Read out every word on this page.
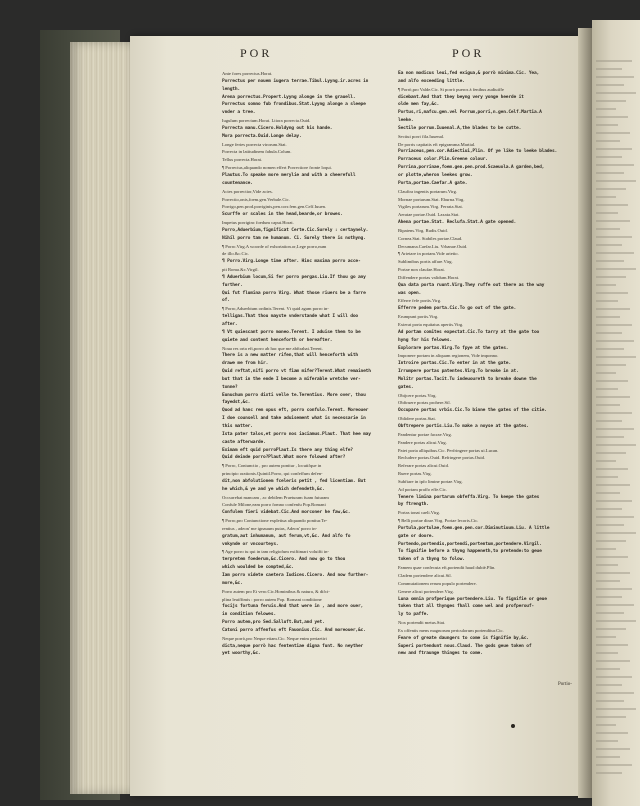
POR	POR

Ante fores porrectus.Horat.

Porrectus per nouem iugera terrae.Tibul.Lyyng.ir.acres in

length.

Arena porrectus.Propert.Lyyng alonge in the grauell.

Porrectus somno fub frondibus.Stat.Lyyng alonge a sleepe

vnder a tree.

Iugulum porrectum.Horat. Litora porrecta.Ouid.

Porrecta manu.Cicero.Holdyng out his hande.

Mora porrecta.Ouid.Longe delay.

Longe feries porrecta virorum.Stat.

Porrecta in latitudinem fabula.Colum.

Tellus porrecta.Horat.

¶ Porrectus,aliquando nomen effert Porrectiore fronte loqui.

Plautus.To speake more merylie and with a cheerefull

countenance.

Acies porrectior,Vide acies.

Porrectio,onis,foem.gen.Verbale.Cic.

Porrigo,pen.prod.porriginis,pen.corr.fem.gen.Celf.Iuuen.

Scurffe or scales in the head,bearde,or browes.

Impetus porriginc foedum caput.Horat.

Porro,Aduerbium,fignificat Certe.Cic.Surely : certaynely.

Nihil porro tam ne humanum. Ci. Surely there is nothyng.

¶ Porro.Virg.A woorde of exhortation.or,Lege porro,num

de illo.&c.Cic.

¶ Porro.Virg.Longe time after. Hinc maxima porro acce-

pit Roma.&c.Virgil.

¶ Aduerbium locum,Si fer porro pergas.Liu.If thou go any

further.

Qui fut flumina porro Virg. What those riuers be a farre

of.

¶ Porro,Aduerbium ordinis.Terent. Vt quid agam porro in-

telligas.That thou mayste vnderstande what I will doo

after.

¶ Vt quiescant porro moneo.Terent. I aduise them to be

quiete and content henceforth or hereafter.

Noua res orta eft,porro ab hac que me abftrahat.Terent.

There is a new matter rifen,that will henceforth with

drawe me from hir.

Quid reftat,nifi porro vt fiam mifer?Terent.What remaineth

but that in the ende I become a miferable wretche ver-

tonne?

Eunuchum porro dixti velle te.Terentius. More over, thou

fayedst,&c.

Quod ad hanc rem opus eft, porro confulo.Terent. Moreouer

I doe counsell and take aduisement what is necessarie in

this matter.

Ista pater talos,et porro nos iaciamus.Plaut. That hee may

caste afterwarde.

Eximam eft quid porroPlaut.Is there any thing elfe?

Quid deinde porro?Plaut.What more folowed after?

¶ Porro, Coniunctio , pro autem ponitur , locutifque in

principio orationis.Quintil.Porro, qui confeffum defen-

dit,non abfolutionem fceleris petit , fed licentiam. But

he which,& ye and ye which defendeth,&c.

Occurrebat mancam , ac debilem Praeturam fuam futuram

Confule Milone,eam porro fomno confenfu Pop.Romani

Confulem fieri videbat.Cic.And morconer he faw,&c.

¶ Porro,pro Coniunctione expletiua aliquando ponitur.Te-

rentius , adeon' me ignauum putas, Adeon' porro in-

gratum,aut inhumanum, aut ferum,vt,&c. And alfo fo

vnkynde or vncourteys.

¶ Age porro tu qui in tam religiofum exiftimari voluifti in-

terpretem foederum,&c.Cicero. And now go to thou

which woulded be compted,&c.

Iam porro videte caetera Iudices.Cicero. And now further-

more,&c.

Porro autem pro Et vero.Cic.Hominibus & natura, & difci-

plina leuiffimis : porro autem Pop. Romani conditione

focijs fortuna feruis.And that were in , and more ouer,

in condition felowes.

Porro autem,pro Sed.Salluft.But,and yet.

Catoni porro affenfus eft Fauonius.Cic. And moreouer,&c.

Neque porrò,pro Neque etiam.Cic. Neque enim periaetiri

dicta,neque porrò hac fententiae digna funt. No neyther

yet woorthy,&c.

Ea non modicus leui,fed exigua,& porrò minima.Cic. Yea,

and alfo exceeding little.

¶ Porrò,pro Valde.Cic. Si porrò pueros à fenibus audiuiffe

dicebant.And that they beyng very yonge heerde it

olde men fay,&c.

Portus,ri,mafcu.gen.vel Porrum,porri,n.gen.Celf.Martia.A

leeke.

Sectile porrum.Iuuenal.A,the blades to be cutte.

Sectiui porri fila.Iuuenal.

De porris capitatis eft epigramma.Martial.

Porriaceus,pen.cor.Adiectiui,Plin. Of ye like to leeke blades.

Porraceus color.Plin.Greene colour.

Porrina,porrinae,foem.gen.pen.prod.Scaeuola.A garden,bed,

or plotte,wheron leekes grow.

Porta,portae.Caefar.A gate.

Claufira ingentis portarum.Virg.

Mornae portarum.Stat. Eburna.Virg.

Vigiles portarum.Virg. Ferrata.Stat.

Aeratae portae.Ouid. Laxata.Stat.

Ahena portae.Stat. Reclufa.Stat.A gate opened.

Bipatens.Virg. Rudis.Ouid.

Cornea.Stat. Stabiles portae.Claud.

Decumana.Caefar.Liu. Vrbanae.Ouid.

¶ Arietare in portam.Vide arietio.

Sublimibus portis affare.Virg.

Portae non claufae.Horat.

Diffendere portas validum.Horat.

Qua data porta ruunt.Virg.They ruffe out there as the way

was open.

Efferre fefe portis.Virg.

Efferre pedem porta.Cic.To go out of the gate.

Erumpunt portis.Virg.

Exierat porta equitatus apertis.Virg.

Ad portam comites expectat.Cic.To tarry at the gate too

hyng for his felowes.

Explorare portas.Virg.To fpye at the gates.

Imponere portam in aliquam regionem, Vide imponno.

Introire portas.Cic.To enter in at the gate.

Irrumpere portas patentes.Virg.To breake in at.

Molitr portas.Tacit.Tu indeuoureth to breake downe the

gates.

Obijcere portas.Virg.

Obftruere portas prohere.Sil.

Occupare portas vrbis.Cic.To binne the gates of the citie.

Oblidere portas.Stat.

Obftrepere portis.Liu.To make a noyse at the gates.

Pandentur portae facrae.Virg.

Pandere portas alicui.Virg.

Patet porta alliquibus.Cic. Perfringere portas ui.Lucan.

Recludere portas.Ouid. Refringere portas.Ouid.

Referare portas alicui.Ouid.

Ruere portas.Virg.

Subftare in ipfo limine portae.Virg.

Ad portam praffo effe.Cic.

Tenere limina portarum obfeffa.Virg. To keepe the gates

by ftrength.

Portas tonat caeli.Virg.

¶ Belli portae dirae.Virg. Portae lecoris.Cic.

Portula,portulae,foem.gen.pen.cor.Diminutiuum.Liu. A little

gate or doore.

Portendo,portendis,portendi,portentum,portendere.Virgil.

To fignifie before a thyng happeneth,to pretende:to geue

token of a thyng to folow.

Famem quae confecuta eft,portendit haud dubiè.Plin.

Cladem portendere alicui.Sil.

Commutationem rerum populo portendere.

Genere alicui portendere.Virg.

Luna omnia profperique portendere.Liu. To fignifie or geue

token that all thynges fhall come wel and profperouf-

ly to paffe.

Nox portendit metus.Stat.

Ex offentis mens magnorum periculorum portenditur.Cic.

Feare of greate daungers to come is fignifie by,&c.

Superi portendunt nous.Claud. The gods geue token of

new and ftraunge thinges to come.

Portio-
